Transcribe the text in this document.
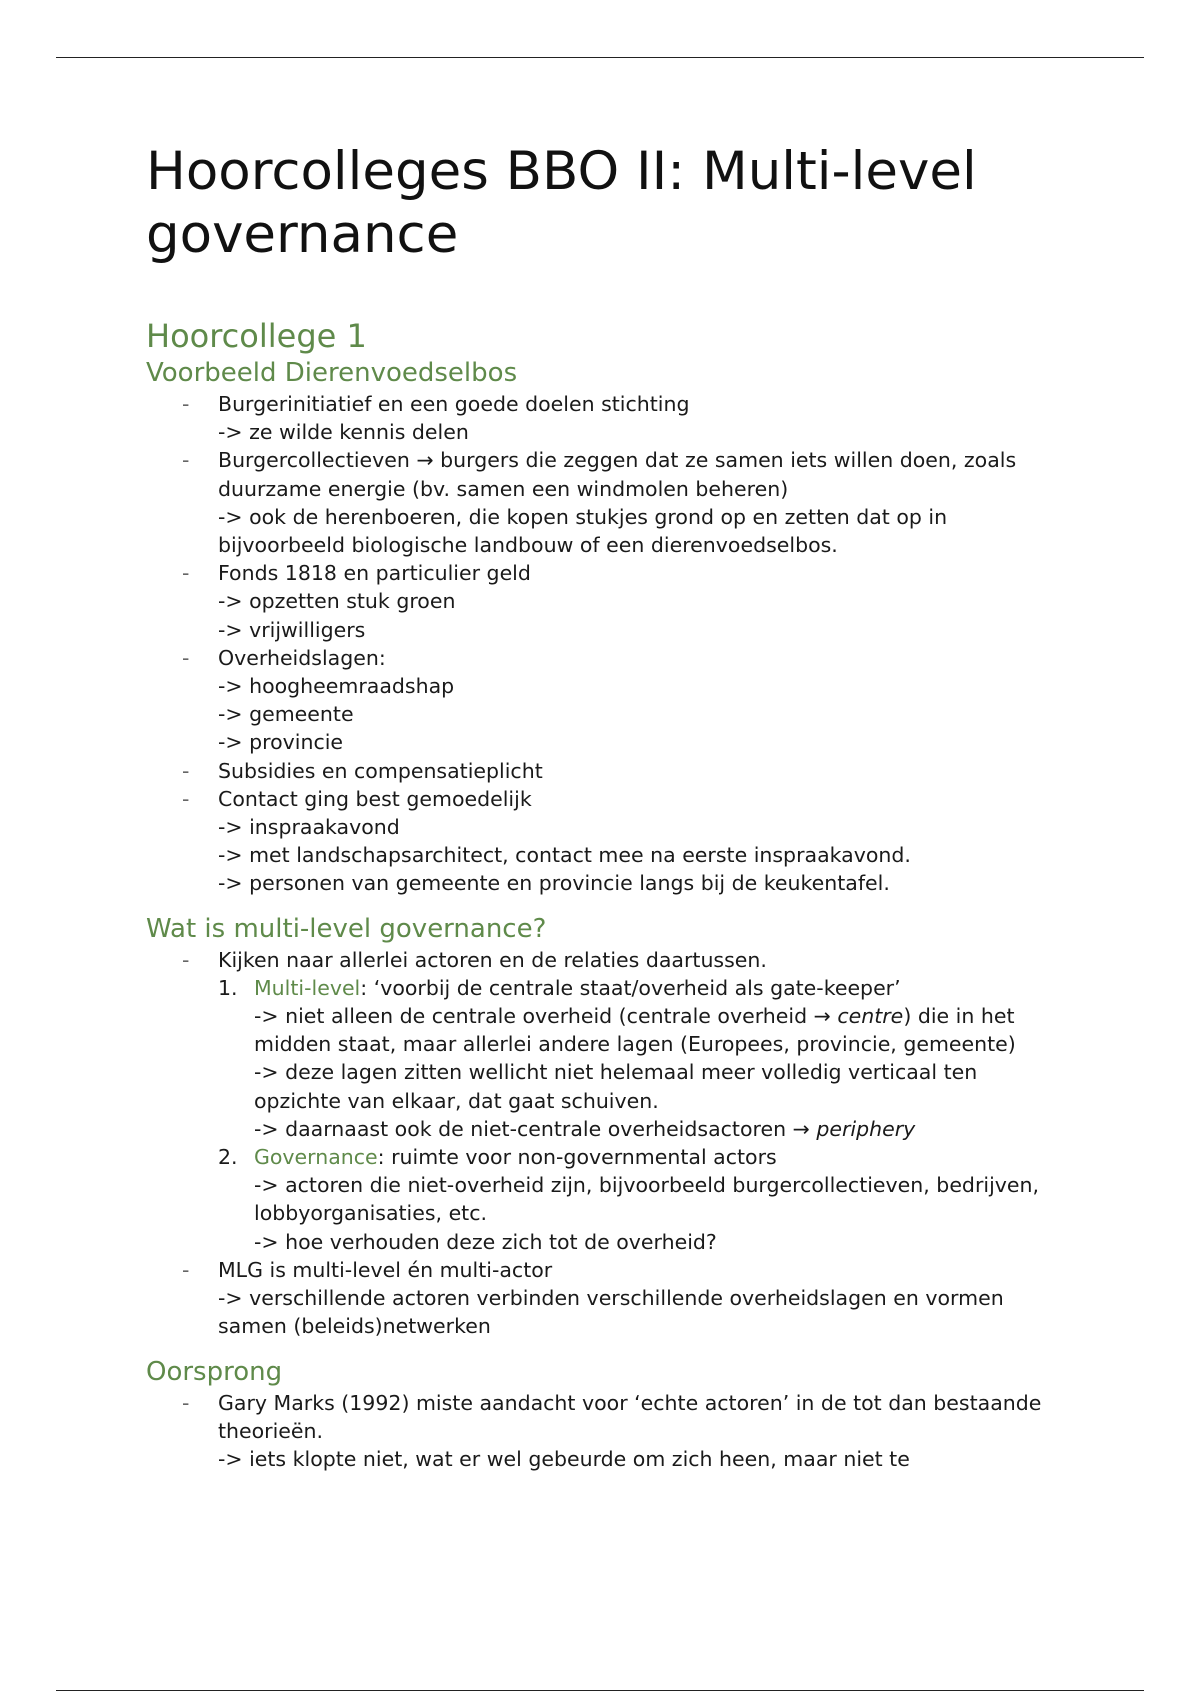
Hoorcolleges BBO II: Multi-level governance
Hoorcollege 1
Voorbeeld Dierenvoedselbos
- Burgerinitiatief en een goede doelen stichting
-> ze wilde kennis delen
- Burgercollectieven → burgers die zeggen dat ze samen iets willen doen, zoals duurzame energie (bv. samen een windmolen beheren)
-> ook de herenboeren, die kopen stukjes grond op en zetten dat op in bijvoorbeeld biologische landbouw of een dierenvoedselbos.
- Fonds 1818 en particulier geld
-> opzetten stuk groen
-> vrijwilligers
- Overheidslagen:
-> hoogheemraadshap
-> gemeente
-> provincie
- Subsidies en compensatieplicht
- Contact ging best gemoedelijk
-> inspraakavond
-> met landschapsarchitect, contact mee na eerste inspraakavond.
-> personen van gemeente en provincie langs bij de keukentafel.
Wat is multi-level governance?
- Kijken naar allerlei actoren en de relaties daartussen.
1. Multi-level: ‘voorbij de centrale staat/overheid als gate-keeper’
-> niet alleen de centrale overheid (centrale overheid → centre) die in het midden staat, maar allerlei andere lagen (Europees, provincie, gemeente)
-> deze lagen zitten wellicht niet helemaal meer volledig verticaal ten opzichte van elkaar, dat gaat schuiven.
-> daarnaast ook de niet-centrale overheidsactoren → periphery
2. Governance: ruimte voor non-governmental actors
-> actoren die niet-overheid zijn, bijvoorbeeld burgercollectieven, bedrijven, lobbyorganisaties, etc.
-> hoe verhouden deze zich tot de overheid?
- MLG is multi-level én multi-actor
-> verschillende actoren verbinden verschillende overheidslagen en vormen samen (beleids)netwerken
Oorsprong
- Gary Marks (1992) miste aandacht voor ‘echte actoren’ in de tot dan bestaande theorieën.
-> iets klopte niet, wat er wel gebeurde om zich heen, maar niet te
